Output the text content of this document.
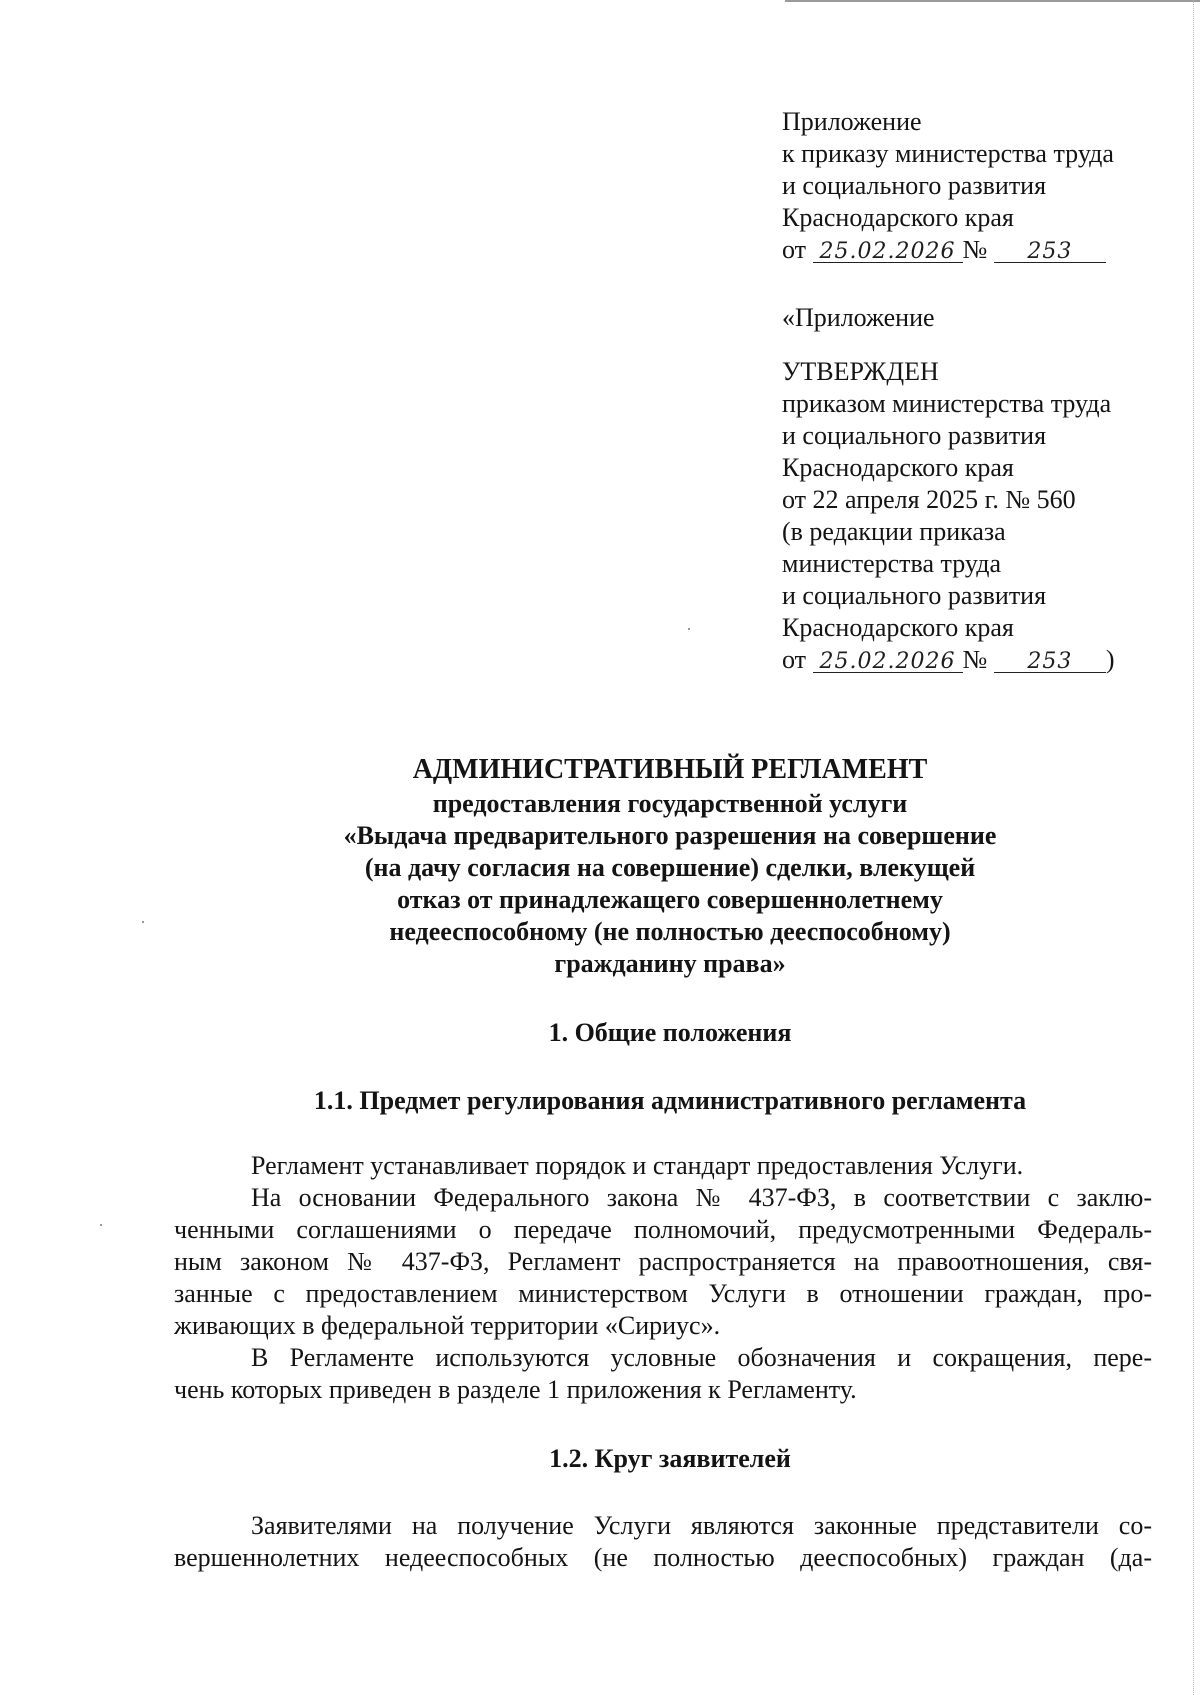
Приложение
к приказу министерства труда
и социального развития
Краснодарского края
от 25.02.2026 № 253
«Приложение
УТВЕРЖДЕН
приказом министерства труда
и социального развития
Краснодарского края
от 22 апреля 2025 г. № 560
(в редакции приказа
министерства труда
и социального развития
Краснодарского края
от 25.02.2026 № 253 )
АДМИНИСТРАТИВНЫЙ РЕГЛАМЕНТ
предоставления государственной услуги
«Выдача предварительного разрешения на совершение
(на дачу согласия на совершение) сделки, влекущей
отказ от принадлежащего совершеннолетнему
недееспособному (не полностью дееспособному)
гражданину права»
1. Общие положения
1.1. Предмет регулирования административного регламента
Регламент устанавливает порядок и стандарт предоставления Услуги.
На основании Федерального закона № 437-ФЗ, в соответствии с заклю-
ченными соглашениями о передаче полномочий, предусмотренными Федераль-
ным законом № 437-ФЗ, Регламент распространяется на правоотношения, свя-
занные с предоставлением министерством Услуги в отношении граждан, про-
живающих в федеральной территории «Сириус».
В Регламенте используются условные обозначения и сокращения, пере-
чень которых приведен в разделе 1 приложения к Регламенту.
1.2. Круг заявителей
Заявителями на получение Услуги являются законные представители со-
вершеннолетних недееспособных (не полностью дееспособных) граждан (да-
